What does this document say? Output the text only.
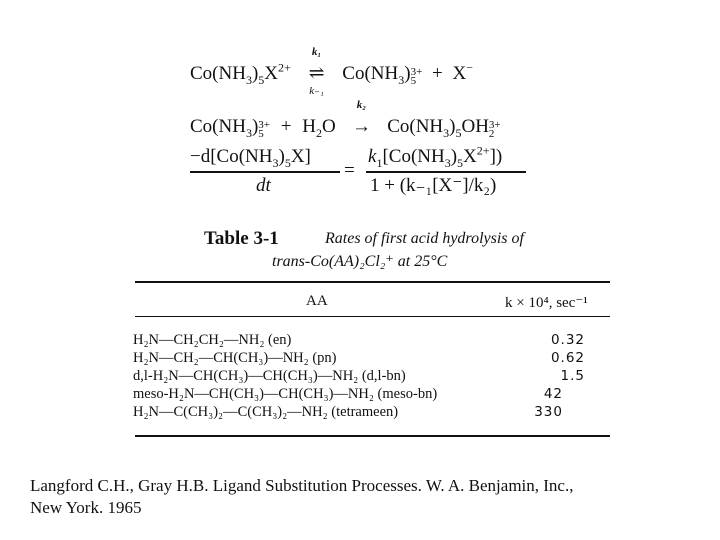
$Co(NH_3)_5X^{2+}$
k₁
⇌
k₋₁
$Co(NH_3)$ 3+
5 + X−
$Co(NH_3)$ 3+
$5 + H_2O$
k₂
→ $Co(NH_3)_5OH$ 3+
2
$-d[Co(NH_3)_5X]$
dt
=
$k_1[Co(NH_3)_5X^{2+}]$)
1 + (k₋₁[X⁻]/k₂)
Table 3-1	Rates of first acid hydrolysis of
trans-Co(AA)₂Cl₂⁺ at 25°C
AA	k × 10⁴, sec⁻¹
H₂N—CH₂CH₂—NH₂ (en)	0.32
H₂N—CH₂—CH(CH₃)—NH₂ (pn)	0.62
d,l-H₂N—CH(CH₃)—CH(CH₃)—NH₂ (d,l-bn)	1.5
meso-H₂N—CH(CH₃)—CH(CH₃)—NH₂ (meso-bn)	42
H₂N—C(CH₃)₂—C(CH₃)₂—NH₂ (tetrameen)	330
Langford C.H., Gray H.B. Ligand Substitution Processes. W. A. Benjamin, Inc.,
New York. 1965
